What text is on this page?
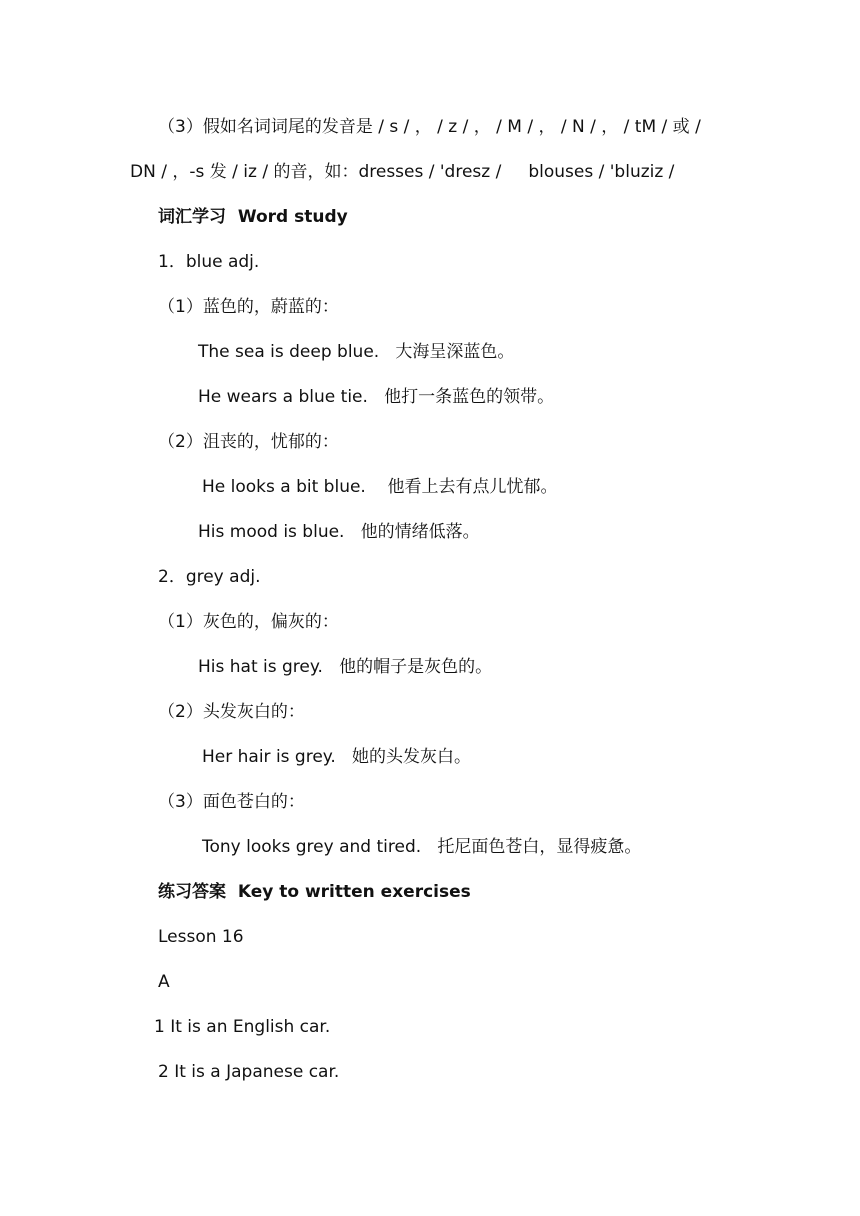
（3）假如名词词尾的发音是 / s / ， / z / ， / M / ， / N / ， / tM / 或 /
DN / ，-s 发 / iz / 的音，如：dresses / 'dresz /     blouses / 'bluziz /
词汇学习  Word study
1．blue adj.
（1）蓝色的，蔚蓝的：
The sea is deep blue.   大海呈深蓝色。
He wears a blue tie.   他打一条蓝色的领带。
（2）沮丧的，忧郁的：
He looks a bit blue.    他看上去有点儿忧郁。
His mood is blue.   他的情绪低落。
2．grey adj.
（1）灰色的，偏灰的：
His hat is grey.   他的帽子是灰色的。
（2）头发灰白的：
Her hair is grey.   她的头发灰白。
（3）面色苍白的：
Tony looks grey and tired.   托尼面色苍白，显得疲惫。
练习答案  Key to written exercises
Lesson 16
A
1 It is an English car.
2 It is a Japanese car.
